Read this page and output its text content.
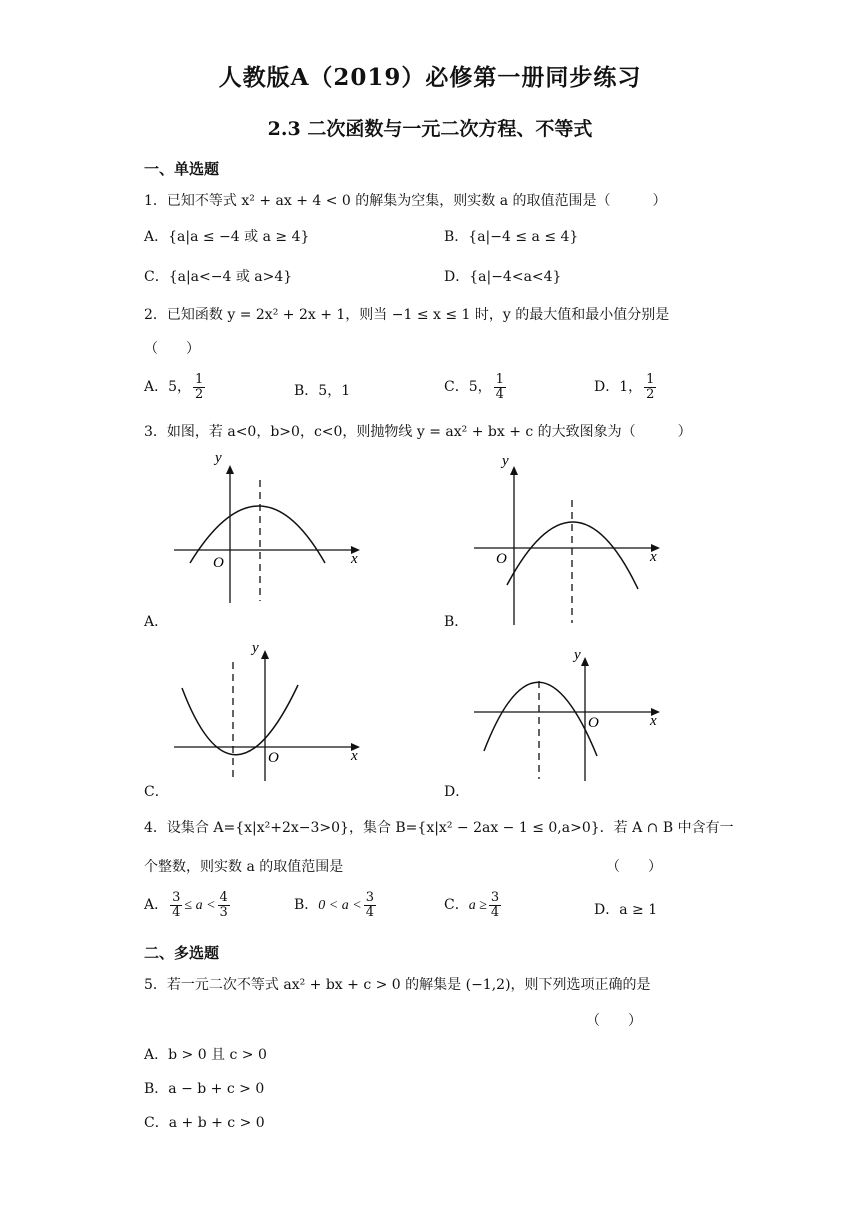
人教版A（2019）必修第一册同步练习
2.3 二次函数与一元二次方程、不等式
一、单选题
1．已知不等式 x² + ax + 4 < 0 的解集为空集，则实数 a 的取值范围是（　　　）
A．{a|a ≤ −4 或 a ≥ 4}	B．{a|−4 ≤ a ≤ 4}
C．{a|a<−4 或 a>4}	D．{a|−4<a<4}
2．已知函数 y = 2x² + 2x + 1，则当 −1 ≤ x ≤ 1 时，y 的最大值和最小值分别是
（　　）
A．5， $\frac{1}{2}$	B．5，1	C．5， $\frac{1}{4}$	D．1， $\frac{1}{2}$
3．如图，若 a<0，b>0，c<0，则抛物线 y = ax² + bx + c 的大致图象为（　　　）
y
x
O
A．
y
x
O
B．
y
x
O
C．
y
x
O
D．
4．设集合 A={x|x²+2x−3>0}，集合 B={x|x² − 2ax − 1 ≤ 0,a>0}．若 A ∩ B 中含有一
个整数，则实数 a 的取值范围是	（　　）
A． $\frac{3}{4} \le a < \frac{4}{3}$	B．$0 < a < \frac{3}{4}$	C．$a \ge \frac{3}{4}$	D．a ≥ 1
二、多选题
5．若一元二次不等式 ax² + bx + c > 0 的解集是 (−1,2)，则下列选项正确的是
（　　）
A．b > 0 且 c > 0
B．a − b + c > 0
C．a + b + c > 0
